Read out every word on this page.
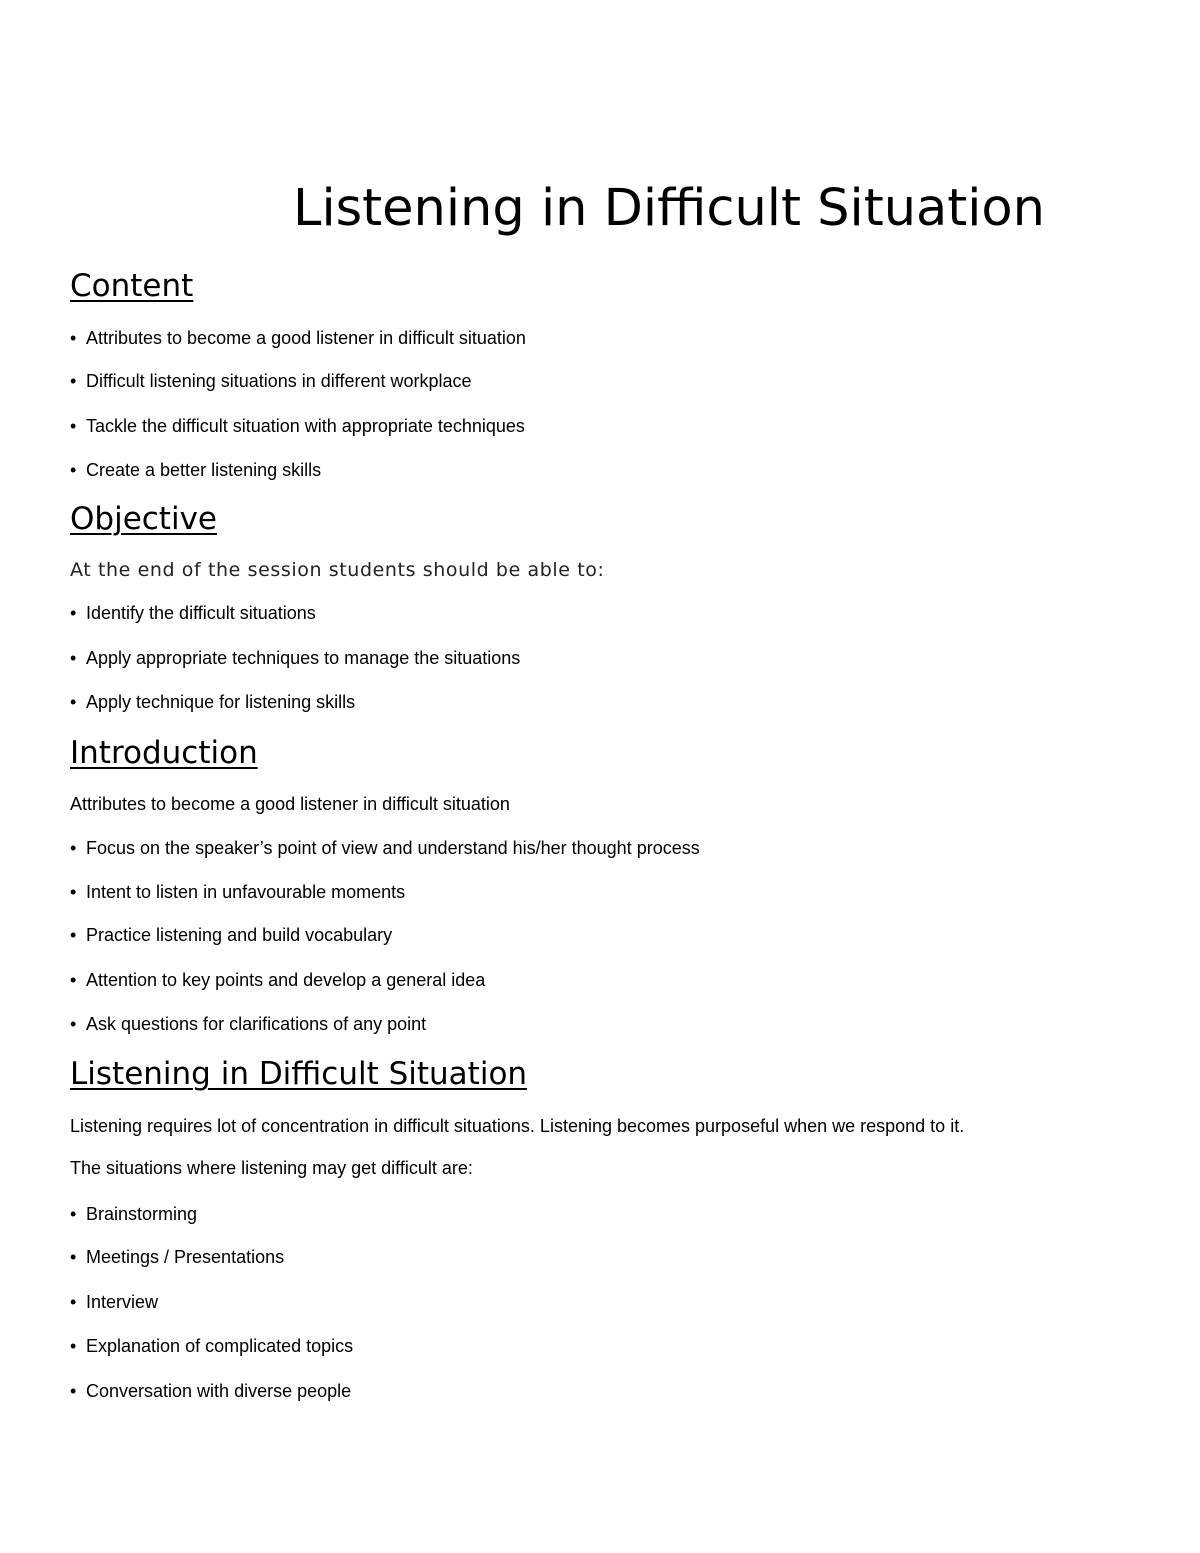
Listening in Difficult Situation
Content

• Attributes to become a good listener in difficult situation

• Difficult listening situations in different workplace

• Tackle the difficult situation with appropriate techniques

• Create a better listening skills

Objective

At the end of the session students should be able to:

• Identify the difficult situations

• Apply appropriate techniques to manage the situations

• Apply technique for listening skills

Introduction

Attributes to become a good listener in difficult situation

• Focus on the speaker’s point of view and understand his/her thought process

• Intent to listen in unfavourable moments

• Practice listening and build vocabulary

• Attention to key points and develop a general idea

• Ask questions for clarifications of any point

Listening in Difficult Situation

Listening requires lot of concentration in difficult situations. Listening becomes purposeful when we respond to it.

The situations where listening may get difficult are:

• Brainstorming

• Meetings / Presentations

• Interview

• Explanation of complicated topics

• Conversation with diverse people
